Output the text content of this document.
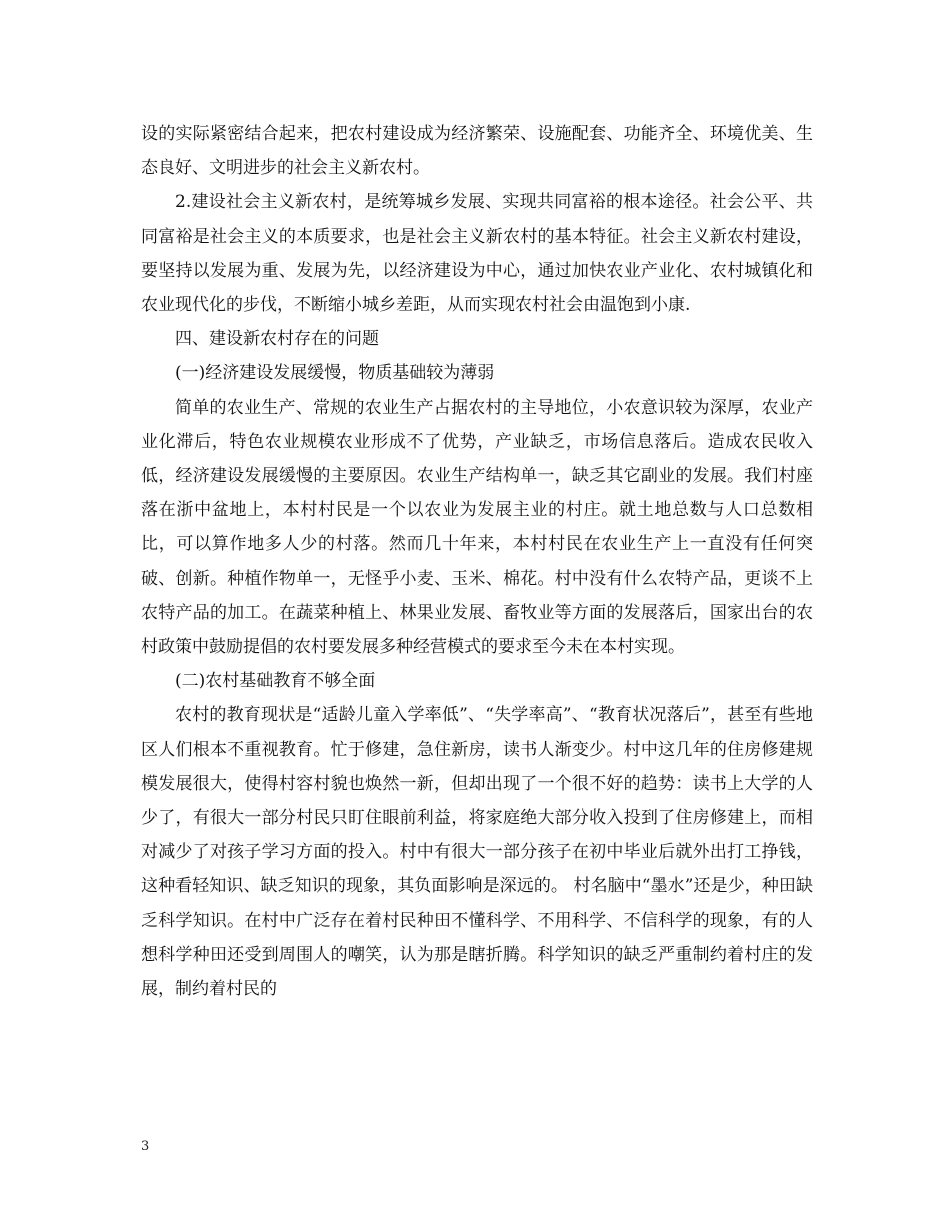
设的实际紧密结合起来，把农村建设成为经济繁荣、设施配套、功能齐全、环境优美、生态良好、文明进步的社会主义新农村。

2.建设社会主义新农村，是统筹城乡发展、实现共同富裕的根本途径。社会公平、共同富裕是社会主义的本质要求，也是社会主义新农村的基本特征。社会主义新农村建设，要坚持以发展为重、发展为先，以经济建设为中心，通过加快农业产业化、农村城镇化和农业现代化的步伐，不断缩小城乡差距，从而实现农村社会由温饱到小康.

四、建设新农村存在的问题

(一)经济建设发展缓慢，物质基础较为薄弱

简单的农业生产、常规的农业生产占据农村的主导地位，小农意识较为深厚，农业产业化滞后，特色农业规模农业形成不了优势，产业缺乏，市场信息落后。造成农民收入低，经济建设发展缓慢的主要原因。农业生产结构单一，缺乏其它副业的发展。我们村座落在浙中盆地上，本村村民是一个以农业为发展主业的村庄。就土地总数与人口总数相比，可以算作地多人少的村落。然而几十年来，本村村民在农业生产上一直没有任何突破、创新。种植作物单一，无怪乎小麦、玉米、棉花。村中没有什么农特产品，更谈不上农特产品的加工。在蔬菜种植上、林果业发展、畜牧业等方面的发展落后，国家出台的农村政策中鼓励提倡的农村要发展多种经营模式的要求至今未在本村实现。

(二)农村基础教育不够全面

农村的教育现状是“适龄儿童入学率低”、“失学率高”、“教育状况落后”，甚至有些地区人们根本不重视教育。忙于修建，急住新房，读书人渐变少。村中这几年的住房修建规模发展很大，使得村容村貌也焕然一新，但却出现了一个很不好的趋势：读书上大学的人少了，有很大一部分村民只盯住眼前利益，将家庭绝大部分收入投到了住房修建上，而相对减少了对孩子学习方面的投入。村中有很大一部分孩子在初中毕业后就外出打工挣钱，这种看轻知识、缺乏知识的现象，其负面影响是深远的。 村名脑中“墨水”还是少，种田缺乏科学知识。在村中广泛存在着村民种田不懂科学、不用科学、不信科学的现象，有的人想科学种田还受到周围人的嘲笑，认为那是瞎折腾。科学知识的缺乏严重制约着村庄的发展，制约着村民的

3
